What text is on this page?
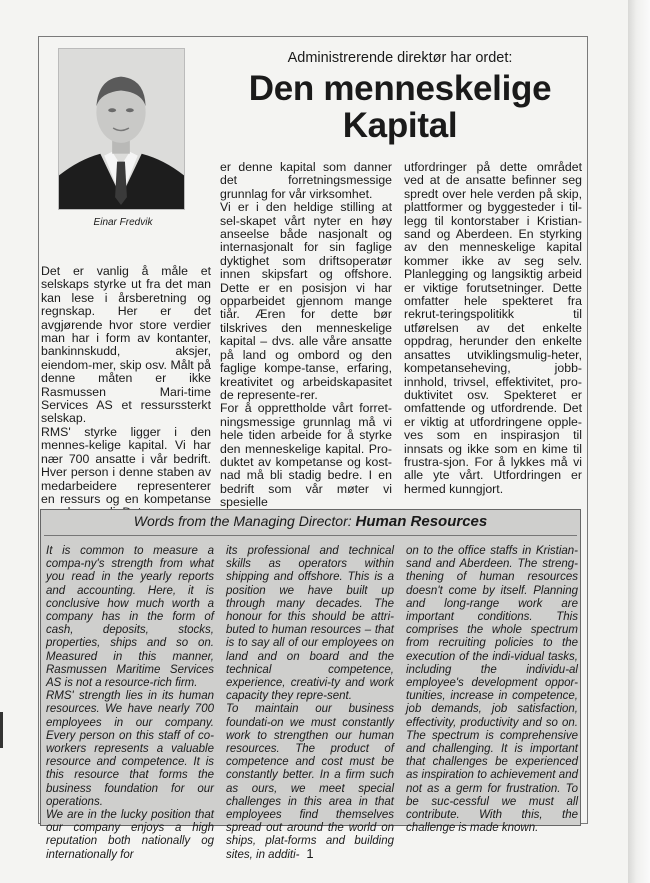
Einar Fredvik
Administrerende direktør har ordet:
Den menneskelige
Kapital
Det er vanlig å måle et selskaps styrke ut fra det man kan lese i årsberetning og regnskap. Her er det avgjørende hvor store verdier man har i form av kontanter, bankinnskudd, aksjer, eiendom-mer, skip osv. Målt på denne måten er ikke Rasmussen Mari-time Services AS et ressurssterkt selskap.
RMS' styrke ligger i den mennes-kelige kapital. Vi har nær 700 ansatte i vår bedrift. Hver person i denne staben av medarbeidere representerer en ressurs og en kompetanse
er denne kapital som danner det forretningsmessige grunnlag for vår virksomhet.
Vi er i den heldige stilling at sel-skapet vårt nyter en høy anseelse både nasjonalt og internasjonalt for sin faglige dyktighet som driftsoperatør innen skipsfart og offshore. Dette er en posisjon vi har opparbeidet gjennom mange tiår. Æren for dette bør tilskrives den menneskelige kapital – dvs. alle våre ansatte på land og ombord og den faglige kompe-tanse, erfaring, kreativitet og arbeidskapasitet de represente-rer.
For å opprettholde vårt forret-ningsmessige grunnlag må vi hele tiden arbeide for å styrke den menneskelige kapital. Pro-duktet av kompetanse og kost-nad må bli stadig bedre. I en bedrift som vår møter vi spesielle
utfordringer på dette området ved at de ansatte befinner seg spredt over hele verden på skip, plattformer og byggesteder i til-legg til kontorstaber i Kristian-sand og Aberdeen. En styrking av den menneskelige kapital kommer ikke av seg selv. Planlegging og langsiktig arbeid er viktige forutsetninger. Dette omfatter hele spekteret fra rekrut-teringspolitikk til utførelsen av det enkelte oppdrag, herunder den enkelte ansattes utviklingsmulig-heter, kompetanseheving, jobb-innhold, trivsel, effektivitet, pro-duktivitet osv. Spekteret er omfattende og utfordrende. Det er viktig at utfordringene opple-ves som en inspirasjon til innsats og ikke som en kime til frustra-sjon. For å lykkes må vi alle yte vårt. Utfordringen er hermed kunngjort.
Words from the Managing Director: Human Resources
It is common to measure a compa-ny's strength from what you read in the yearly reports and accounting. Here, it is conclusive how much worth a company has in the form of cash, deposits, stocks, properties, ships and so on. Measured in this manner, Rasmussen Maritime Services AS is not a resource-rich firm.
RMS' strength lies in its human resources. We have nearly 700 employees in our company. Every person on this staff of co-workers represents a valuable resource and competence. It is this resource that forms the business foundation for our operations.
We are in the lucky position that our company enjoys a high reputation both nationally og internationally for
its professional and technical skills as operators within shipping and offshore. This is a position we have built up through many decades. The honour for this should be attri-buted to human resources – that is to say all of our employees on land and on board and the technical competence, experience, creativi-ty and work capacity they repre-sent.
To maintain our business foundati-on we must constantly work to strengthen our human resources. The product of competence and cost must be constantly better. In a firm such as ours, we meet special challenges in this area in that employees find themselves spread out around the world on ships, plat-forms and building sites, in additi-
on to the office staffs in Kristian-sand and Aberdeen. The streng-thening of human resources doesn't come by itself. Planning and long-range work are important conditions. This comprises the whole spectrum from recruiting policies to the execution of the indi-vidual tasks, including the individu-al employee's development oppor-tunities, increase in competence, job demands, job satisfaction, effectivity, productivity and so on. The spectrum is comprehensive and challenging. It is important that challenges be experienced as inspiration to achievement and not as a germ for frustration. To be suc-cessful we must all contribute. With this, the challenge is made known.
1
